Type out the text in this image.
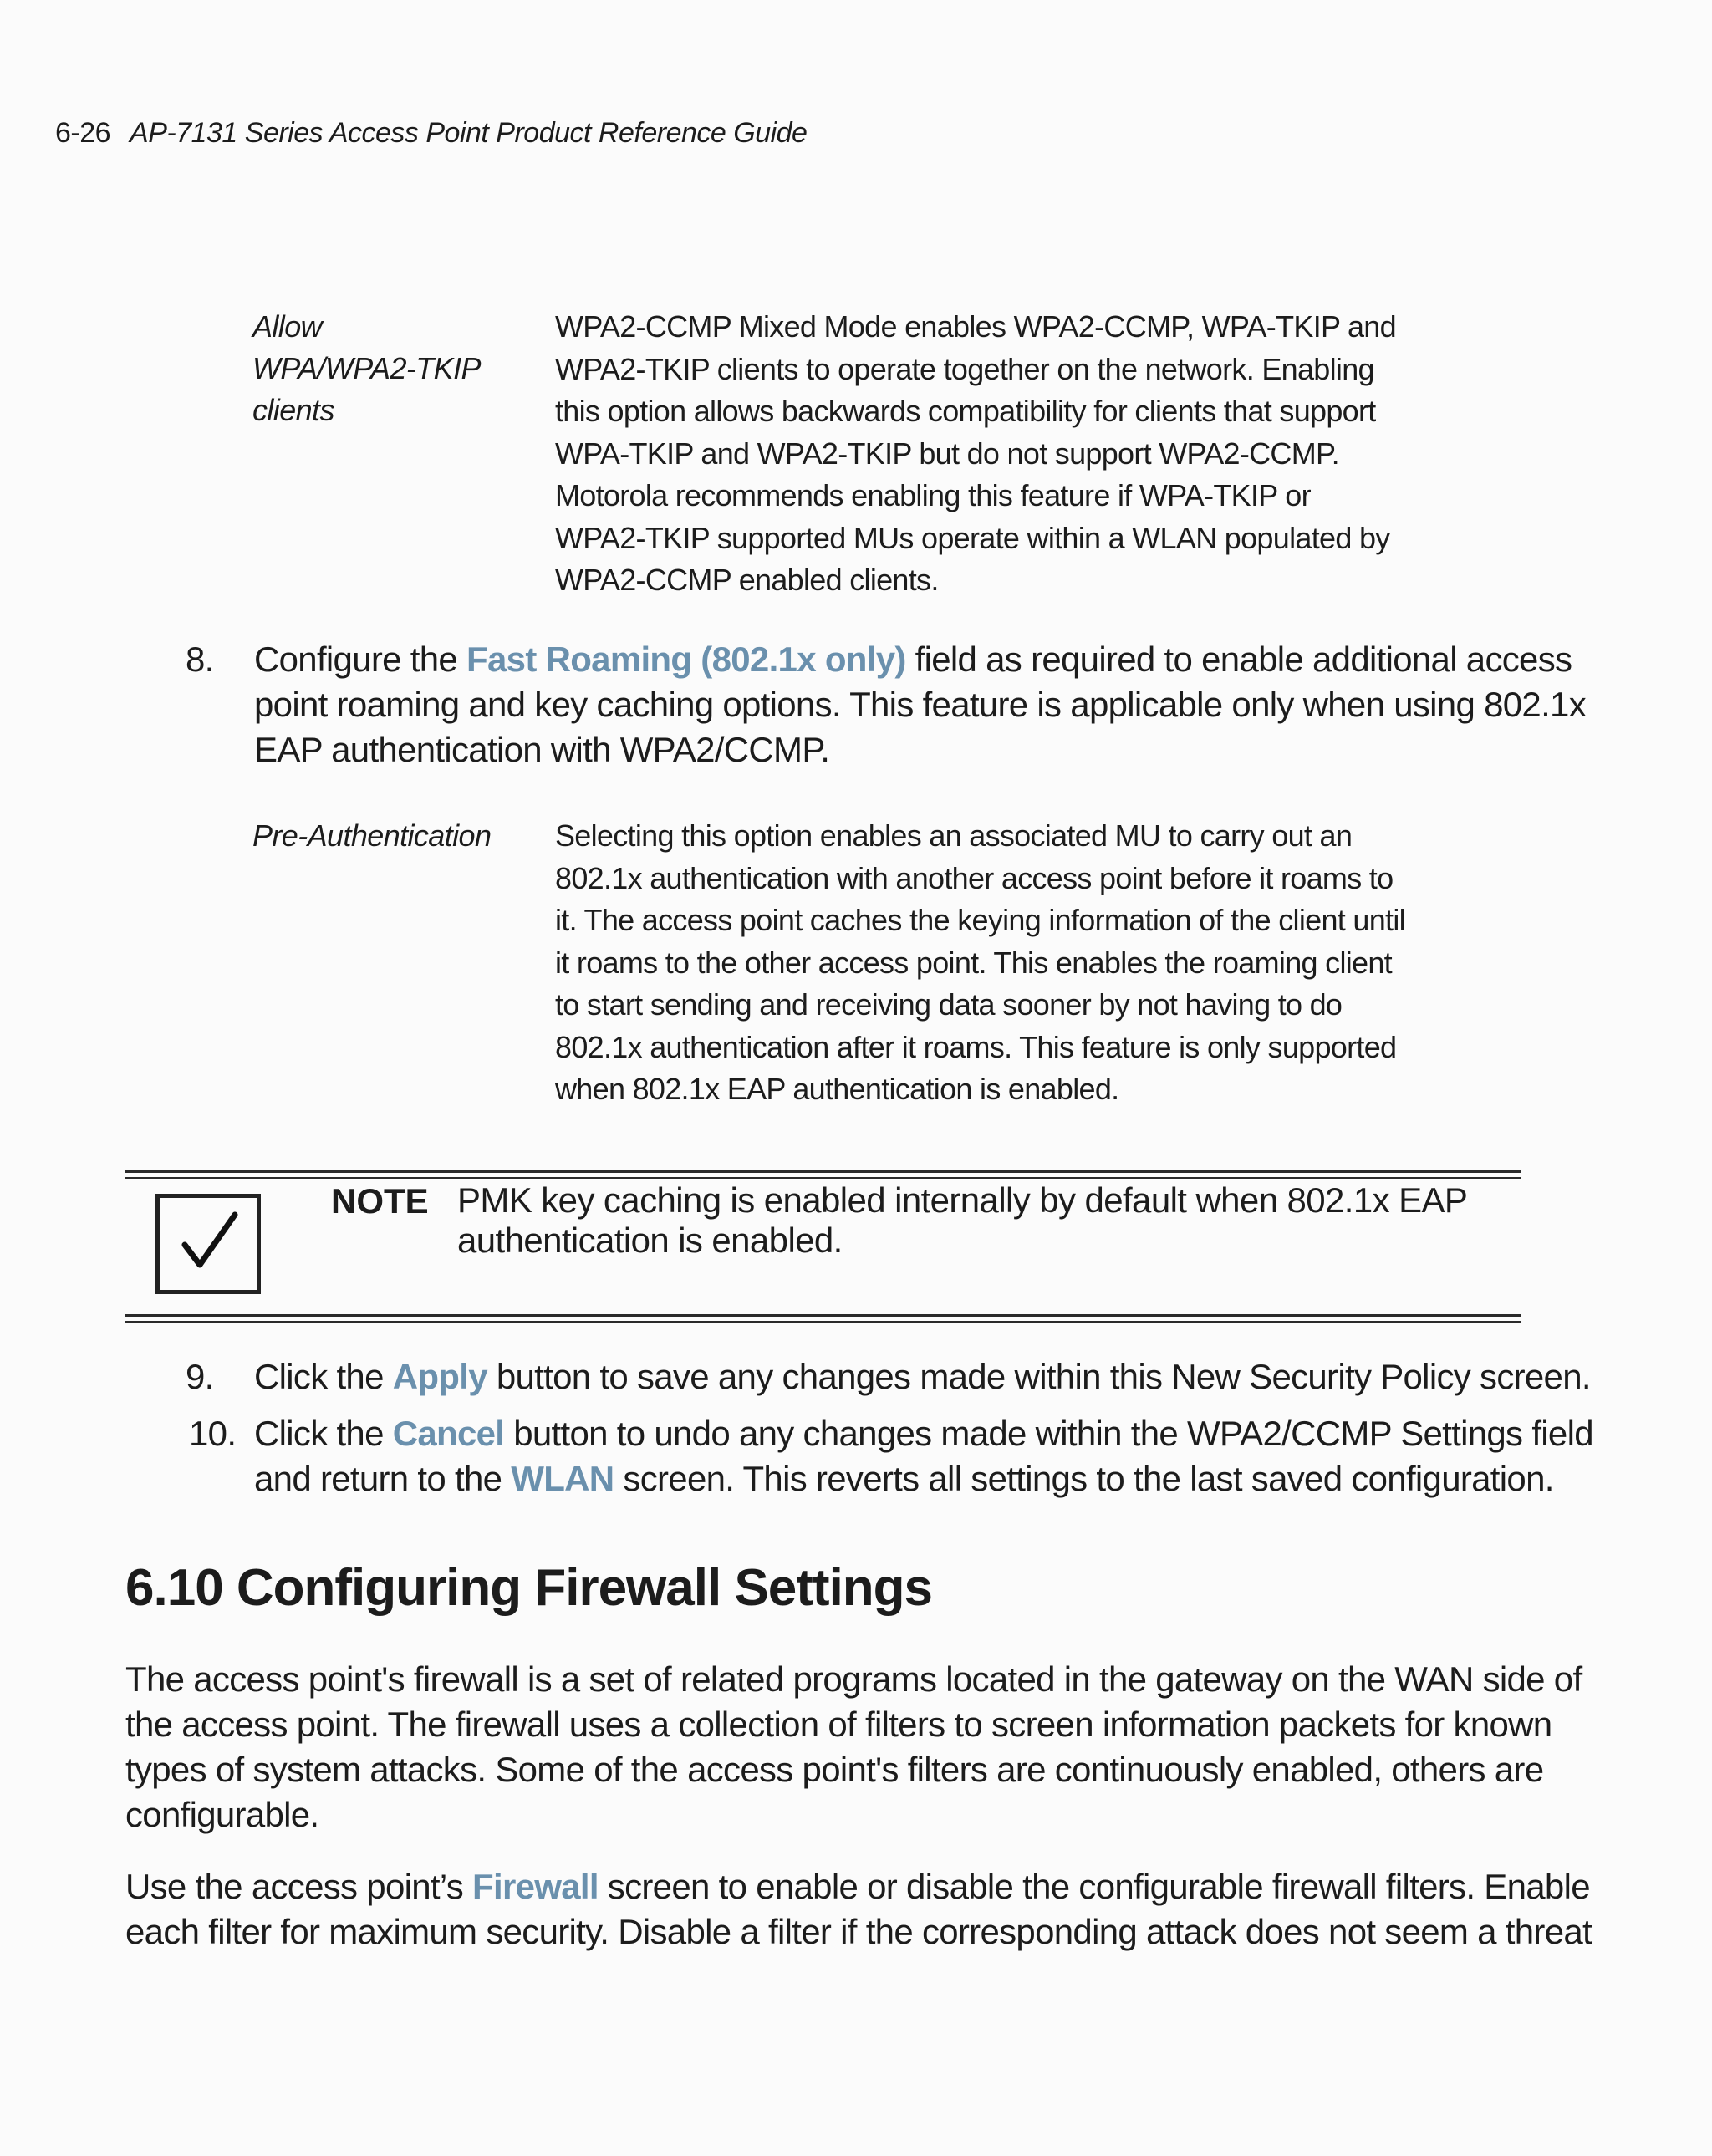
6-26 AP-7131 Series Access Point Product Reference Guide
Allow
WPA/WPA2-TKIP
clients
WPA2-CCMP Mixed Mode enables WPA2-CCMP, WPA-TKIP and
WPA2-TKIP clients to operate together on the network. Enabling
this option allows backwards compatibility for clients that support
WPA-TKIP and WPA2-TKIP but do not support WPA2-CCMP.
Motorola recommends enabling this feature if WPA-TKIP or
WPA2-TKIP supported MUs operate within a WLAN populated by
WPA2-CCMP enabled clients.
8. Configure the Fast Roaming (802.1x only) field as required to enable additional access
point roaming and key caching options. This feature is applicable only when using 802.1x
EAP authentication with WPA2/CCMP.
Pre-Authentication	Selecting this option enables an associated MU to carry out an
802.1x authentication with another access point before it roams to
it. The access point caches the keying information of the client until
it roams to the other access point. This enables the roaming client
to start sending and receiving data sooner by not having to do
802.1x authentication after it roams. This feature is only supported
when 802.1x EAP authentication is enabled.
NOTE PMK key caching is enabled internally by default when 802.1x EAP
authentication is enabled.
9. Click the Apply button to save any changes made within this New Security Policy screen.
10. Click the Cancel button to undo any changes made within the WPA2/CCMP Settings field
and return to the WLAN screen. This reverts all settings to the last saved configuration.
6.10 Configuring Firewall Settings
The access point's firewall is a set of related programs located in the gateway on the WAN side of
the access point. The firewall uses a collection of filters to screen information packets for known
types of system attacks. Some of the access point's filters are continuously enabled, others are
configurable.
Use the access point’s Firewall screen to enable or disable the configurable firewall filters. Enable
each filter for maximum security. Disable a filter if the corresponding attack does not seem a threat
